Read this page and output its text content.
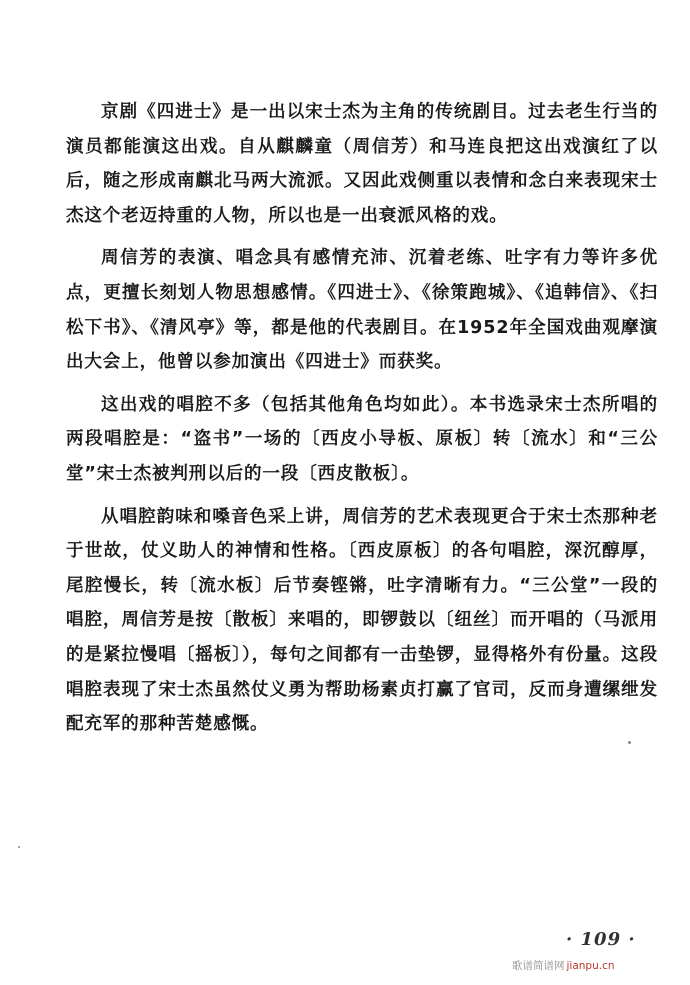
京剧《四进士》是一出以宋士杰为主角的传统剧目。过去老生行当的演员都能演这出戏。自从麒麟童（周信芳）和马连良把这出戏演红了以后，随之形成南麒北马两大流派。又因此戏侧重以表情和念白来表现宋士杰这个老迈持重的人物，所以也是一出衰派风格的戏。

周信芳的表演、唱念具有感情充沛、沉着老练、吐字有力等许多优点，更擅长刻划人物思想感情。《四进士》、《徐策跑城》、《追韩信》、《扫松下书》、《清风亭》等，都是他的代表剧目。在1952年全国戏曲观摩演出大会上，他曾以参加演出《四进士》而获奖。

这出戏的唱腔不多（包括其他角色均如此）。本书选录宋士杰所唱的两段唱腔是：“盗书”一场的〔西皮小导板、原板〕转〔流水〕和“三公堂”宋士杰被判刑以后的一段〔西皮散板〕。

从唱腔韵味和嗓音色采上讲，周信芳的艺术表现更合于宋士杰那种老于世故，仗义助人的神情和性格。〔西皮原板〕的各句唱腔，深沉醇厚，尾腔慢长，转〔流水板〕后节奏铿锵，吐字清晰有力。“三公堂”一段的唱腔，周信芳是按〔散板〕来唱的，即锣鼓以〔纽丝〕而开唱的（马派用的是紧拉慢唱〔摇板〕），每句之间都有一击垫锣，显得格外有份量。这段唱腔表现了宋士杰虽然仗义勇为帮助杨素贞打赢了官司，反而身遭缧绁发配充军的那种苦楚感慨。

· 109 ·
歌谱简谱网 jianpu.cn
